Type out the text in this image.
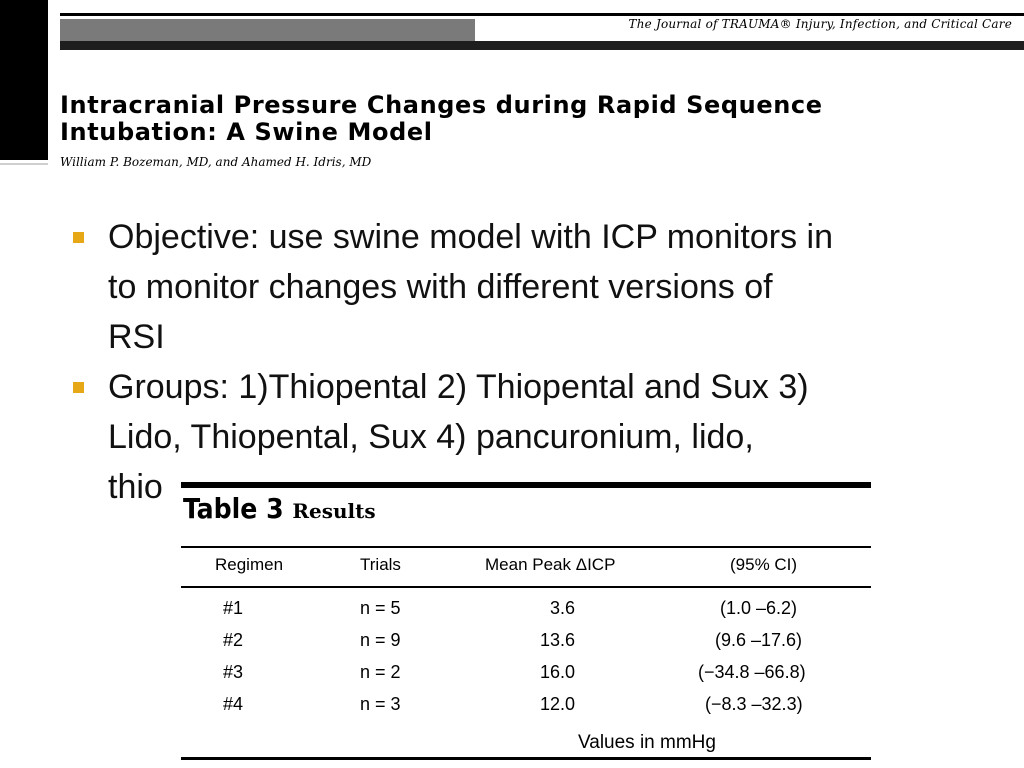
The Journal of TRAUMA® Injury, Infection, and Critical Care
Intracranial Pressure Changes during Rapid Sequence
Intubation: A Swine Model
William P. Bozeman, MD, and Ahamed H. Idris, MD
Objective: use swine model with ICP monitors in
to monitor changes with different versions of
RSI
Groups: 1)Thiopental 2) Thiopental and Sux 3)
Lido, Thiopental, Sux 4) pancuronium, lido,
thio
Table 3 Results
Regimen	Trials	Mean Peak ΔICP	(95% CI)
#1	n = 5	3.6	(1.0 –6.2)
#2	n = 9	13.6	(9.6 –17.6)
#3	n = 2	16.0	(−34.8 –66.8)
#4	n = 3	12.0	(−8.3 –32.3)
Values in mmHg
